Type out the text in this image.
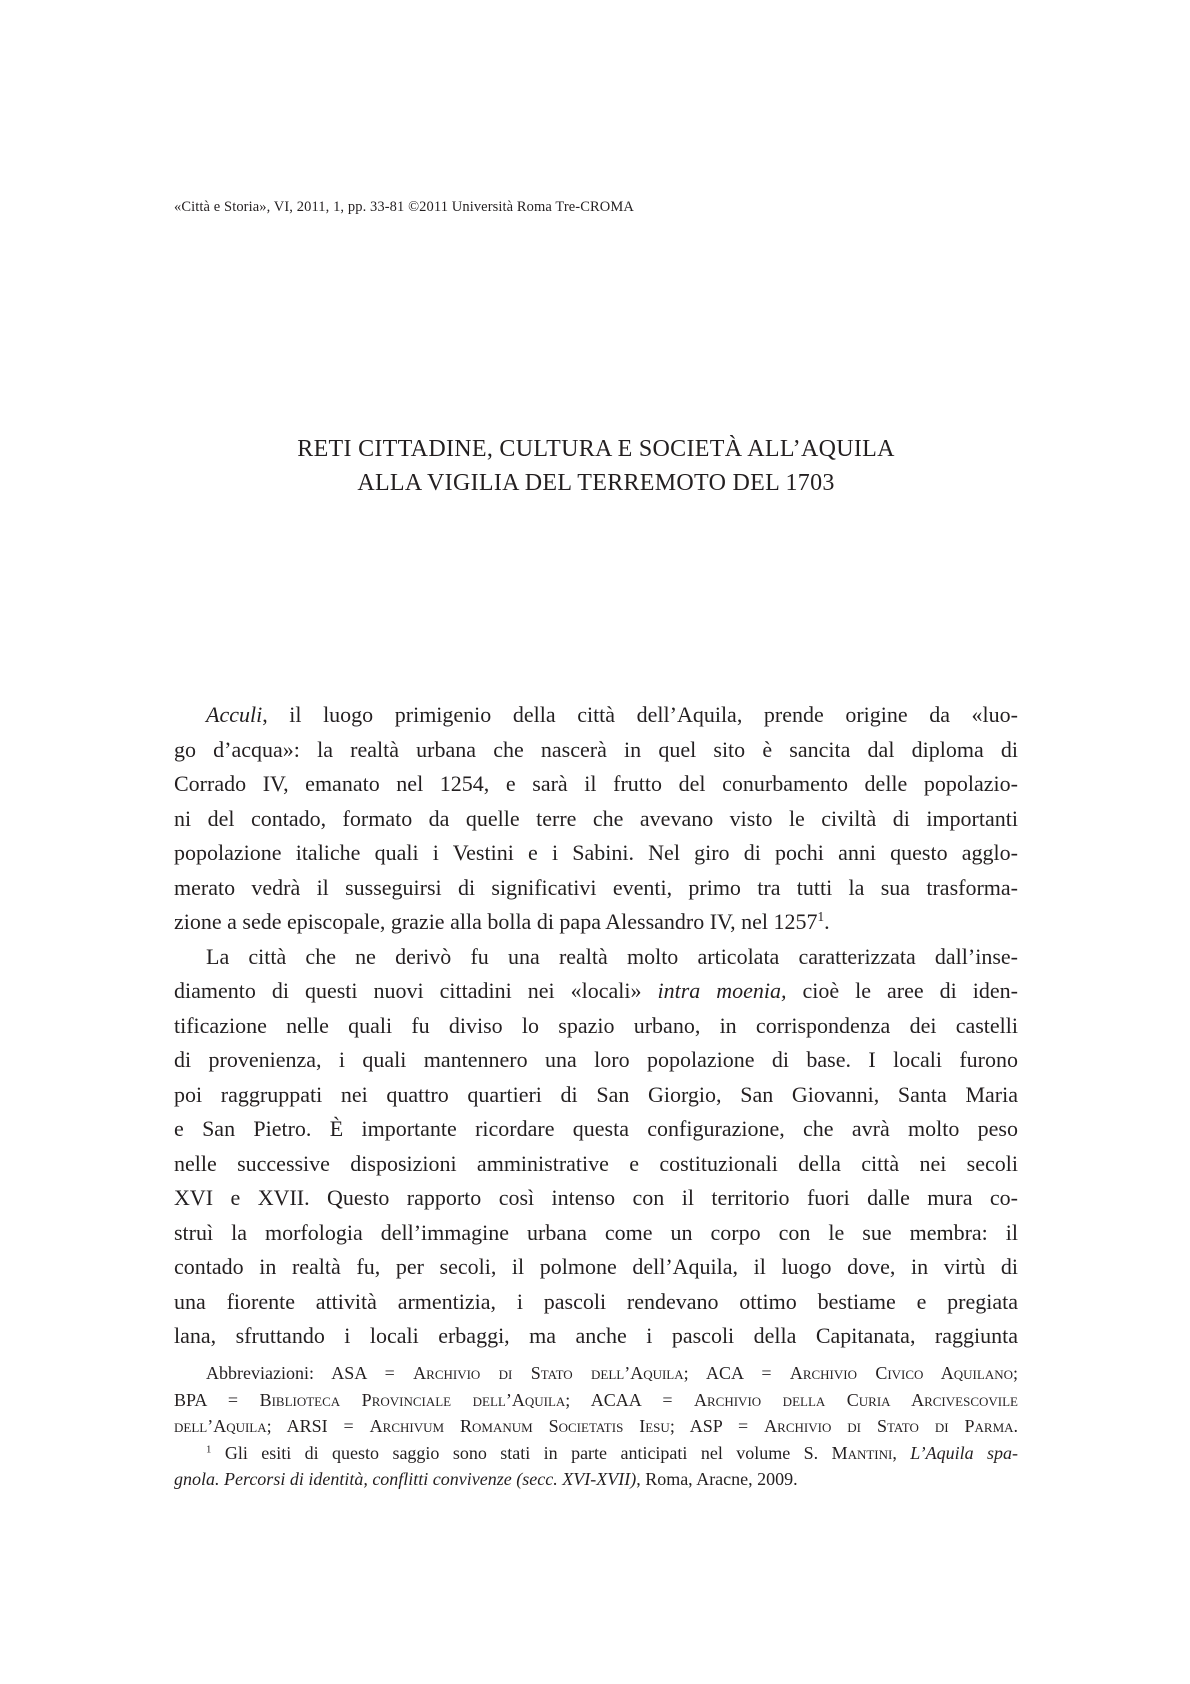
«Città e Storia», VI, 2011, 1, pp. 33-81 ©2011 Università Roma Tre-CROMA
RETI CITTADINE, CULTURA E SOCIETÀ ALL’AQUILA
ALLA VIGILIA DEL TERREMOTO DEL 1703
Acculi, il luogo primigenio della città dell’Aquila, prende origine da «luo-
go d’acqua»: la realtà urbana che nascerà in quel sito è sancita dal diploma di
Corrado IV, emanato nel 1254, e sarà il frutto del conurbamento delle popolazio-
ni del contado, formato da quelle terre che avevano visto le civiltà di importanti
popolazione italiche quali i Vestini e i Sabini. Nel giro di pochi anni questo agglo-
merato vedrà il susseguirsi di significativi eventi, primo tra tutti la sua trasforma-
zione a sede episcopale, grazie alla bolla di papa Alessandro IV, nel 1257$^1$.
La città che ne derivò fu una realtà molto articolata caratterizzata dall’inse-
diamento di questi nuovi cittadini nei «locali» intra moenia, cioè le aree di iden-
tificazione nelle quali fu diviso lo spazio urbano, in corrispondenza dei castelli
di provenienza, i quali mantennero una loro popolazione di base. I locali furono
poi raggruppati nei quattro quartieri di San Giorgio, San Giovanni, Santa Maria
e San Pietro. È importante ricordare questa configurazione, che avrà molto peso
nelle successive disposizioni amministrative e costituzionali della città nei secoli
XVI e XVII. Questo rapporto così intenso con il territorio fuori dalle mura co-
struì la morfologia dell’immagine urbana come un corpo con le sue membra: il
contado in realtà fu, per secoli, il polmone dell’Aquila, il luogo dove, in virtù di
una fiorente attività armentizia, i pascoli rendevano ottimo bestiame e pregiata
lana, sfruttando i locali erbaggi, ma anche i pascoli della Capitanata, raggiunta
Abbreviazioni: ASA = Archivio di Stato dell’Aquila; ACA = Archivio Civico Aquilano;
BPA = Biblioteca Provinciale dell’Aquila; ACAA = Archivio della Curia Arcivescovile
dell’Aquila; ARSI = Archivum Romanum Societatis Iesu; ASP = Archivio di Stato di Parma.
$^1$ Gli esiti di questo saggio sono stati in parte anticipati nel volume S. Mantini, L’Aquila spa-
gnola. Percorsi di identità, conflitti convivenze (secc. XVI-XVII), Roma, Aracne, 2009.
